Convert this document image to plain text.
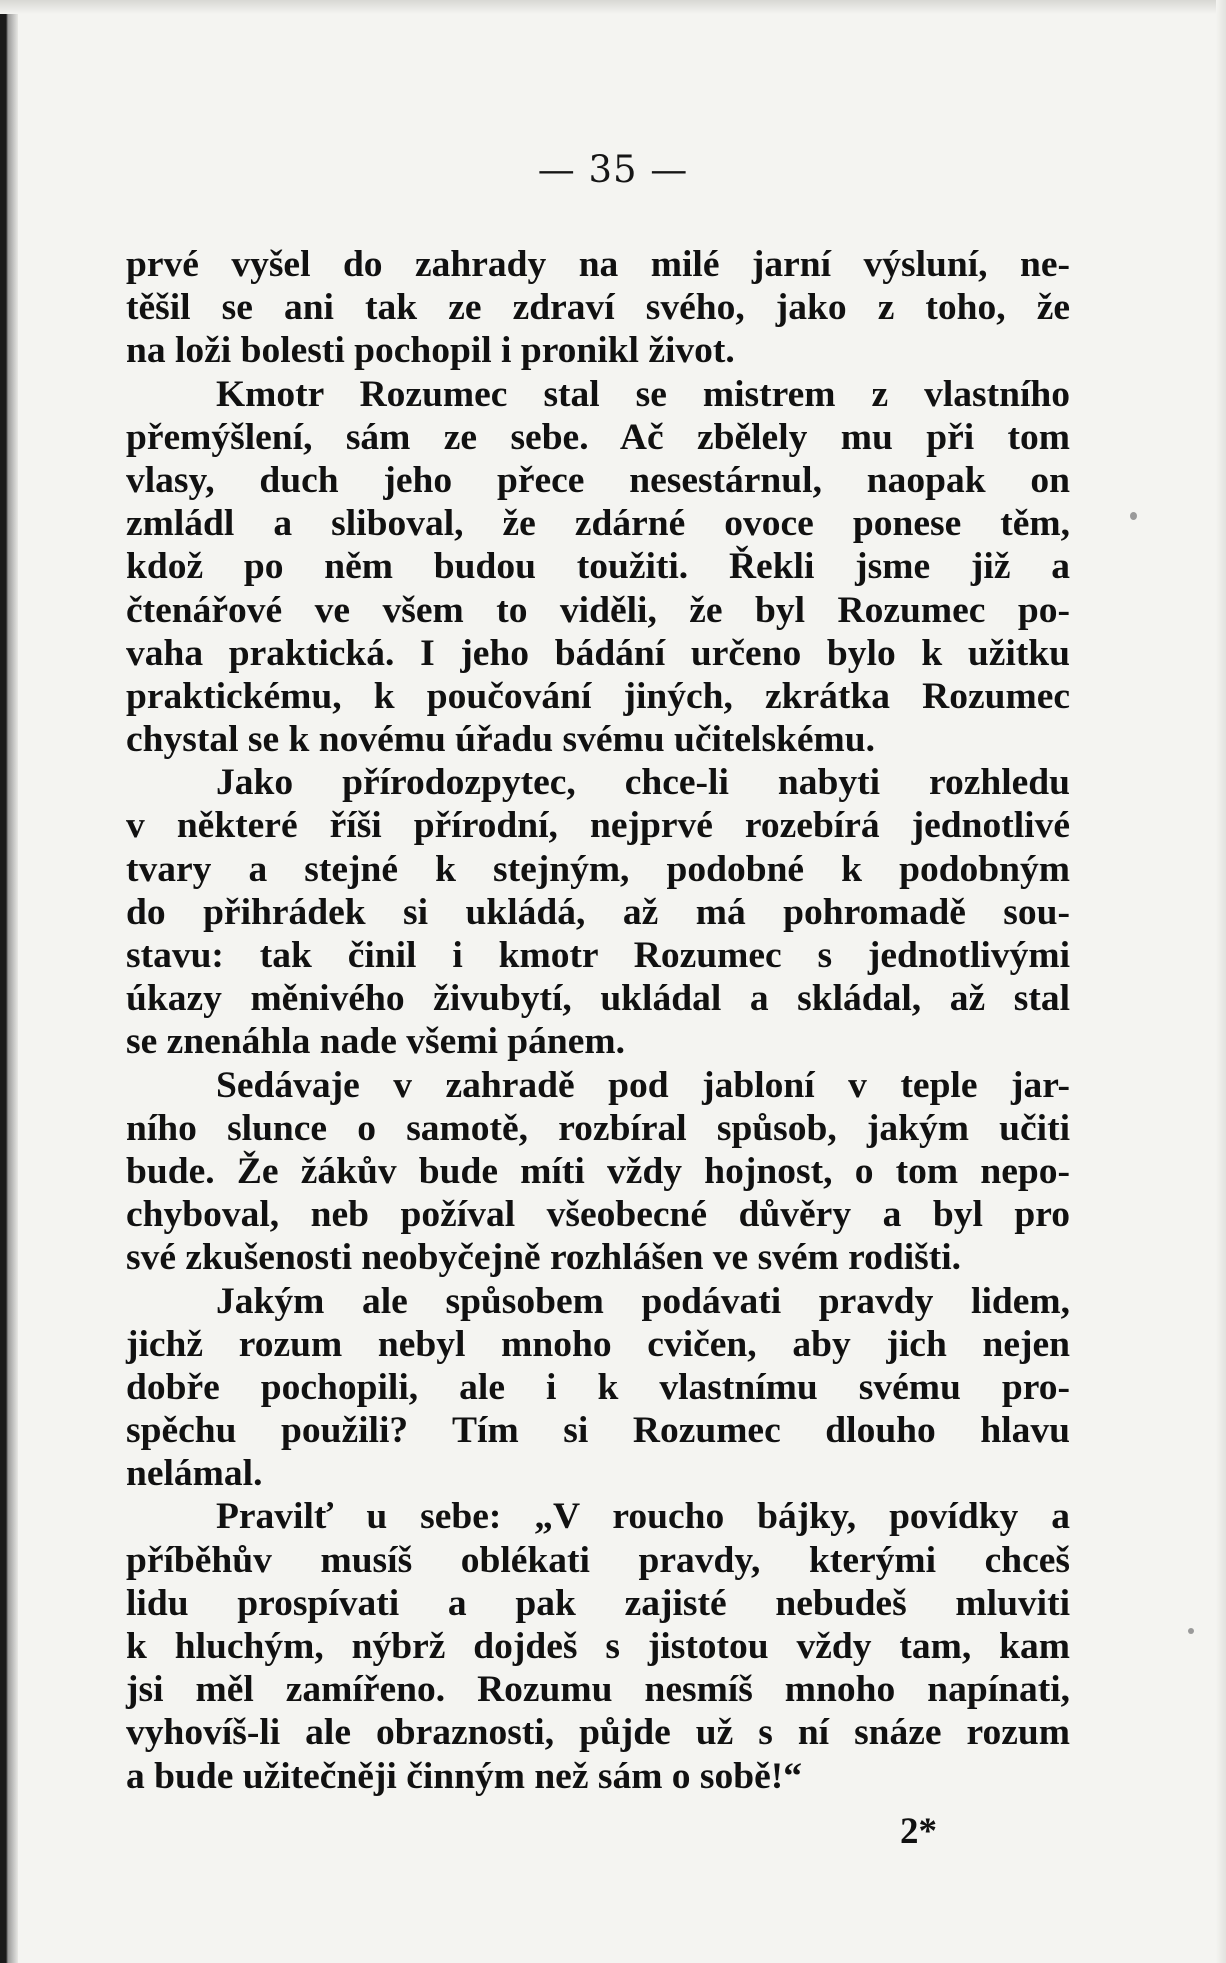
— 35 —
prvé vyšel do zahrady na milé jarní výsluní, ne-
těšil se ani tak ze zdraví svého, jako z toho, že
na loži bolesti pochopil i pronikl život.
Kmotr Rozumec stal se mistrem z vlastního
přemýšlení, sám ze sebe. Ač zbělely mu při tom
vlasy, duch jeho přece nesestárnul, naopak on
zmládl a sliboval, že zdárné ovoce ponese těm,
kdož po něm budou toužiti. Řekli jsme již a
čtenářové ve všem to viděli, že byl Rozumec po-
vaha praktická. I jeho bádání určeno bylo k užitku
praktickému, k poučování jiných, zkrátka Rozumec
chystal se k novému úřadu svému učitelskému.
Jako přírodozpytec, chce-li nabyti rozhledu
v některé říši přírodní, nejprvé rozebírá jednotlivé
tvary a stejné k stejným, podobné k podobným
do přihrádek si ukládá, až má pohromadě sou-
stavu: tak činil i kmotr Rozumec s jednotlivými
úkazy měnivého živubytí, ukládal a skládal, až stal
se znenáhla nade všemi pánem.
Sedávaje v zahradě pod jabloní v teple jar-
ního slunce o samotě, rozbíral spůsob, jakým učiti
bude. Že žákův bude míti vždy hojnost, o tom nepo-
chyboval, neb požíval všeobecné důvěry a byl pro
své zkušenosti neobyčejně rozhlášen ve svém rodišti.
Jakým ale spůsobem podávati pravdy lidem,
jichž rozum nebyl mnoho cvičen, aby jich nejen
dobře pochopili, ale i k vlastnímu svému pro-
spěchu použili? Tím si Rozumec dlouho hlavu
nelámal.
Pravilť u sebe: „V roucho bájky, povídky a
příběhův musíš oblékati pravdy, kterými chceš
lidu prospívati a pak zajisté nebudeš mluviti
k hluchým, nýbrž dojdeš s jistotou vždy tam, kam
jsi měl zamířeno. Rozumu nesmíš mnoho napínati,
vyhovíš-li ale obraznosti, půjde už s ní snáze rozum
a bude užitečněji činným než sám o sobě!“
2*
